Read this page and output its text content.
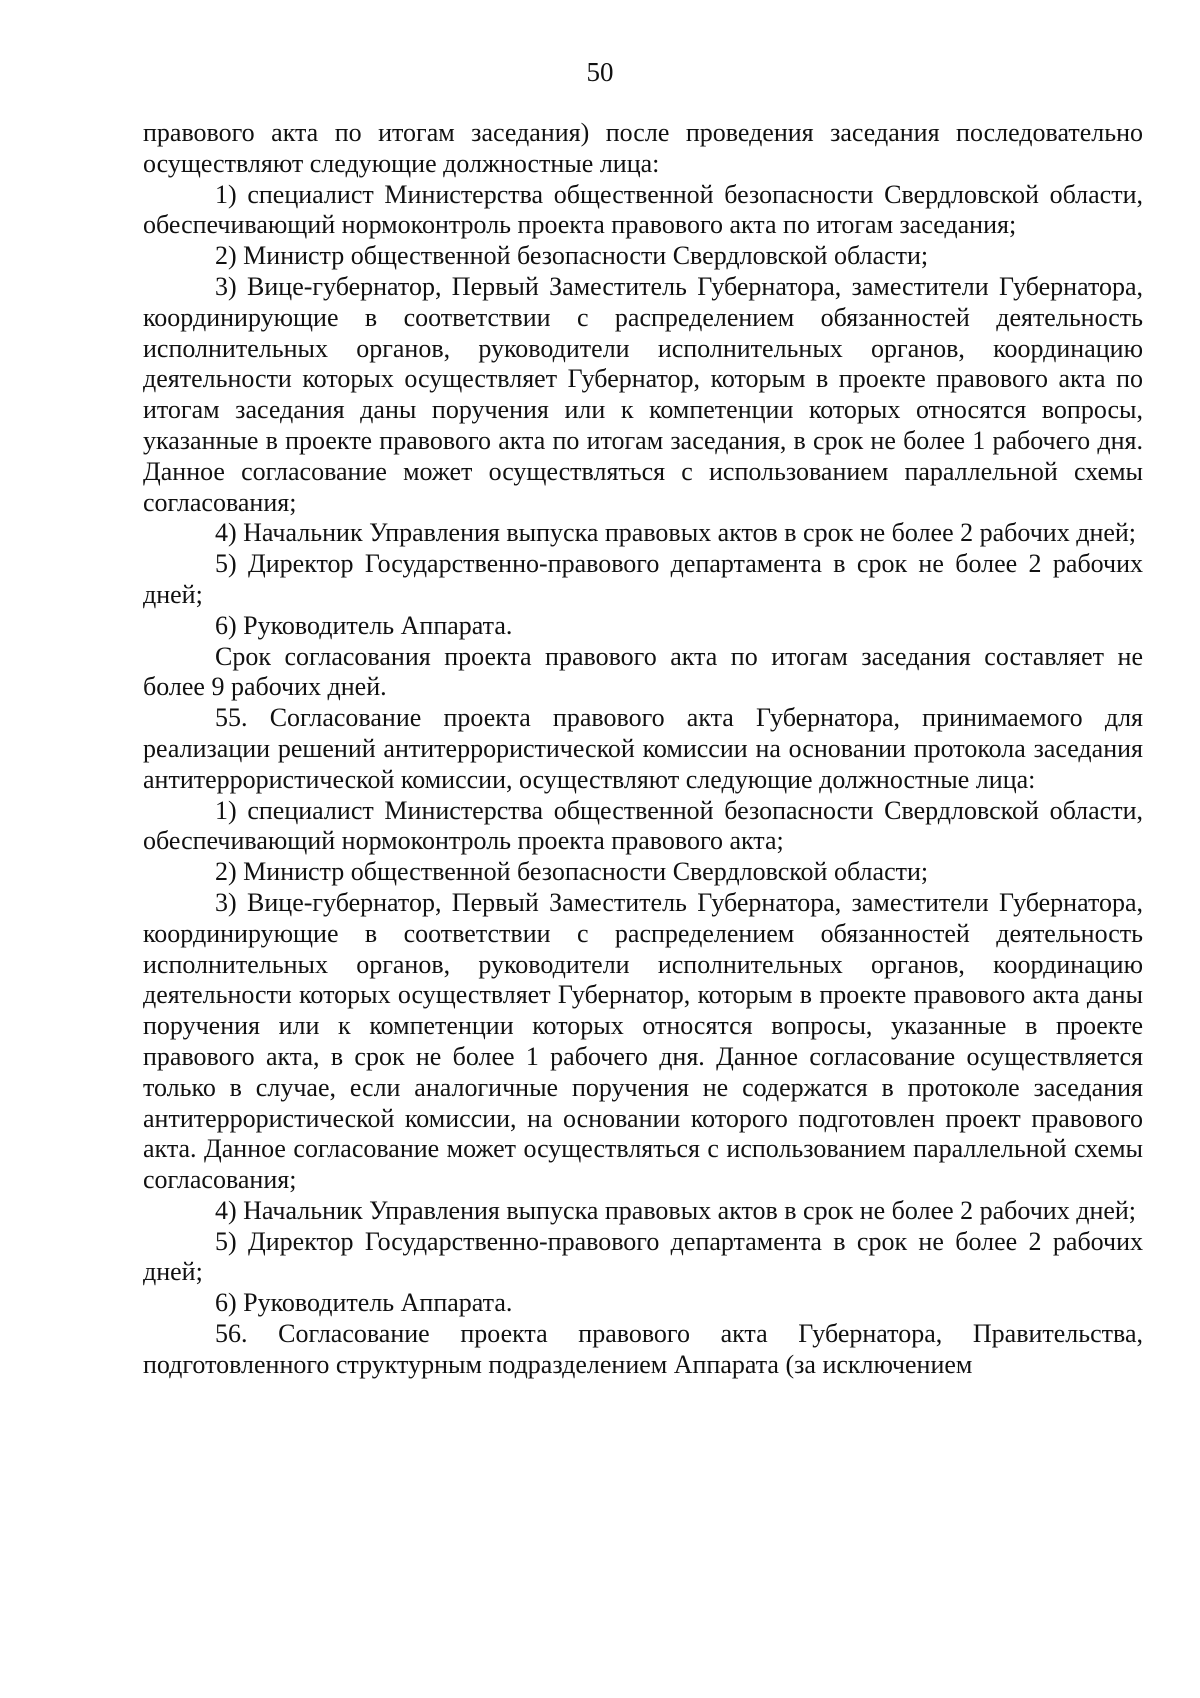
50

правового акта по итогам заседания) после проведения заседания последовательно осуществляют следующие должностные лица:

1) специалист Министерства общественной безопасности Свердловской области, обеспечивающий нормоконтроль проекта правового акта по итогам заседания;

2) Министр общественной безопасности Свердловской области;

3) Вице-губернатор, Первый Заместитель Губернатора, заместители Губернатора, координирующие в соответствии с распределением обязанностей деятельность исполнительных органов, руководители исполнительных органов, координацию деятельности которых осуществляет Губернатор, которым в проекте правового акта по итогам заседания даны поручения или к компетенции которых относятся вопросы, указанные в проекте правового акта по итогам заседания, в срок не более 1 рабочего дня. Данное согласование может осуществляться с использованием параллельной схемы согласования;

4) Начальник Управления выпуска правовых актов в срок не более 2 рабочих дней;

5) Директор Государственно-правового департамента в срок не более 2 рабочих дней;

6) Руководитель Аппарата.

Срок согласования проекта правового акта по итогам заседания составляет не более 9 рабочих дней.

55. Согласование проекта правового акта Губернатора, принимаемого для реализации решений антитеррористической комиссии на основании протокола заседания антитеррористической комиссии, осуществляют следующие должностные лица:

1) специалист Министерства общественной безопасности Свердловской области, обеспечивающий нормоконтроль проекта правового акта;

2) Министр общественной безопасности Свердловской области;

3) Вице-губернатор, Первый Заместитель Губернатора, заместители Губернатора, координирующие в соответствии с распределением обязанностей деятельность исполнительных органов, руководители исполнительных органов, координацию деятельности которых осуществляет Губернатор, которым в проекте правового акта даны поручения или к компетенции которых относятся вопросы, указанные в проекте правового акта, в срок не более 1 рабочего дня. Данное согласование осуществляется только в случае, если аналогичные поручения не содержатся в протоколе заседания антитеррористической комиссии, на основании которого подготовлен проект правового акта. Данное согласование может осуществляться с использованием параллельной схемы согласования;

4) Начальник Управления выпуска правовых актов в срок не более 2 рабочих дней;

5) Директор Государственно-правового департамента в срок не более 2 рабочих дней;

6) Руководитель Аппарата.

56. Согласование проекта правового акта Губернатора, Правительства, подготовленного структурным подразделением Аппарата (за исключением
